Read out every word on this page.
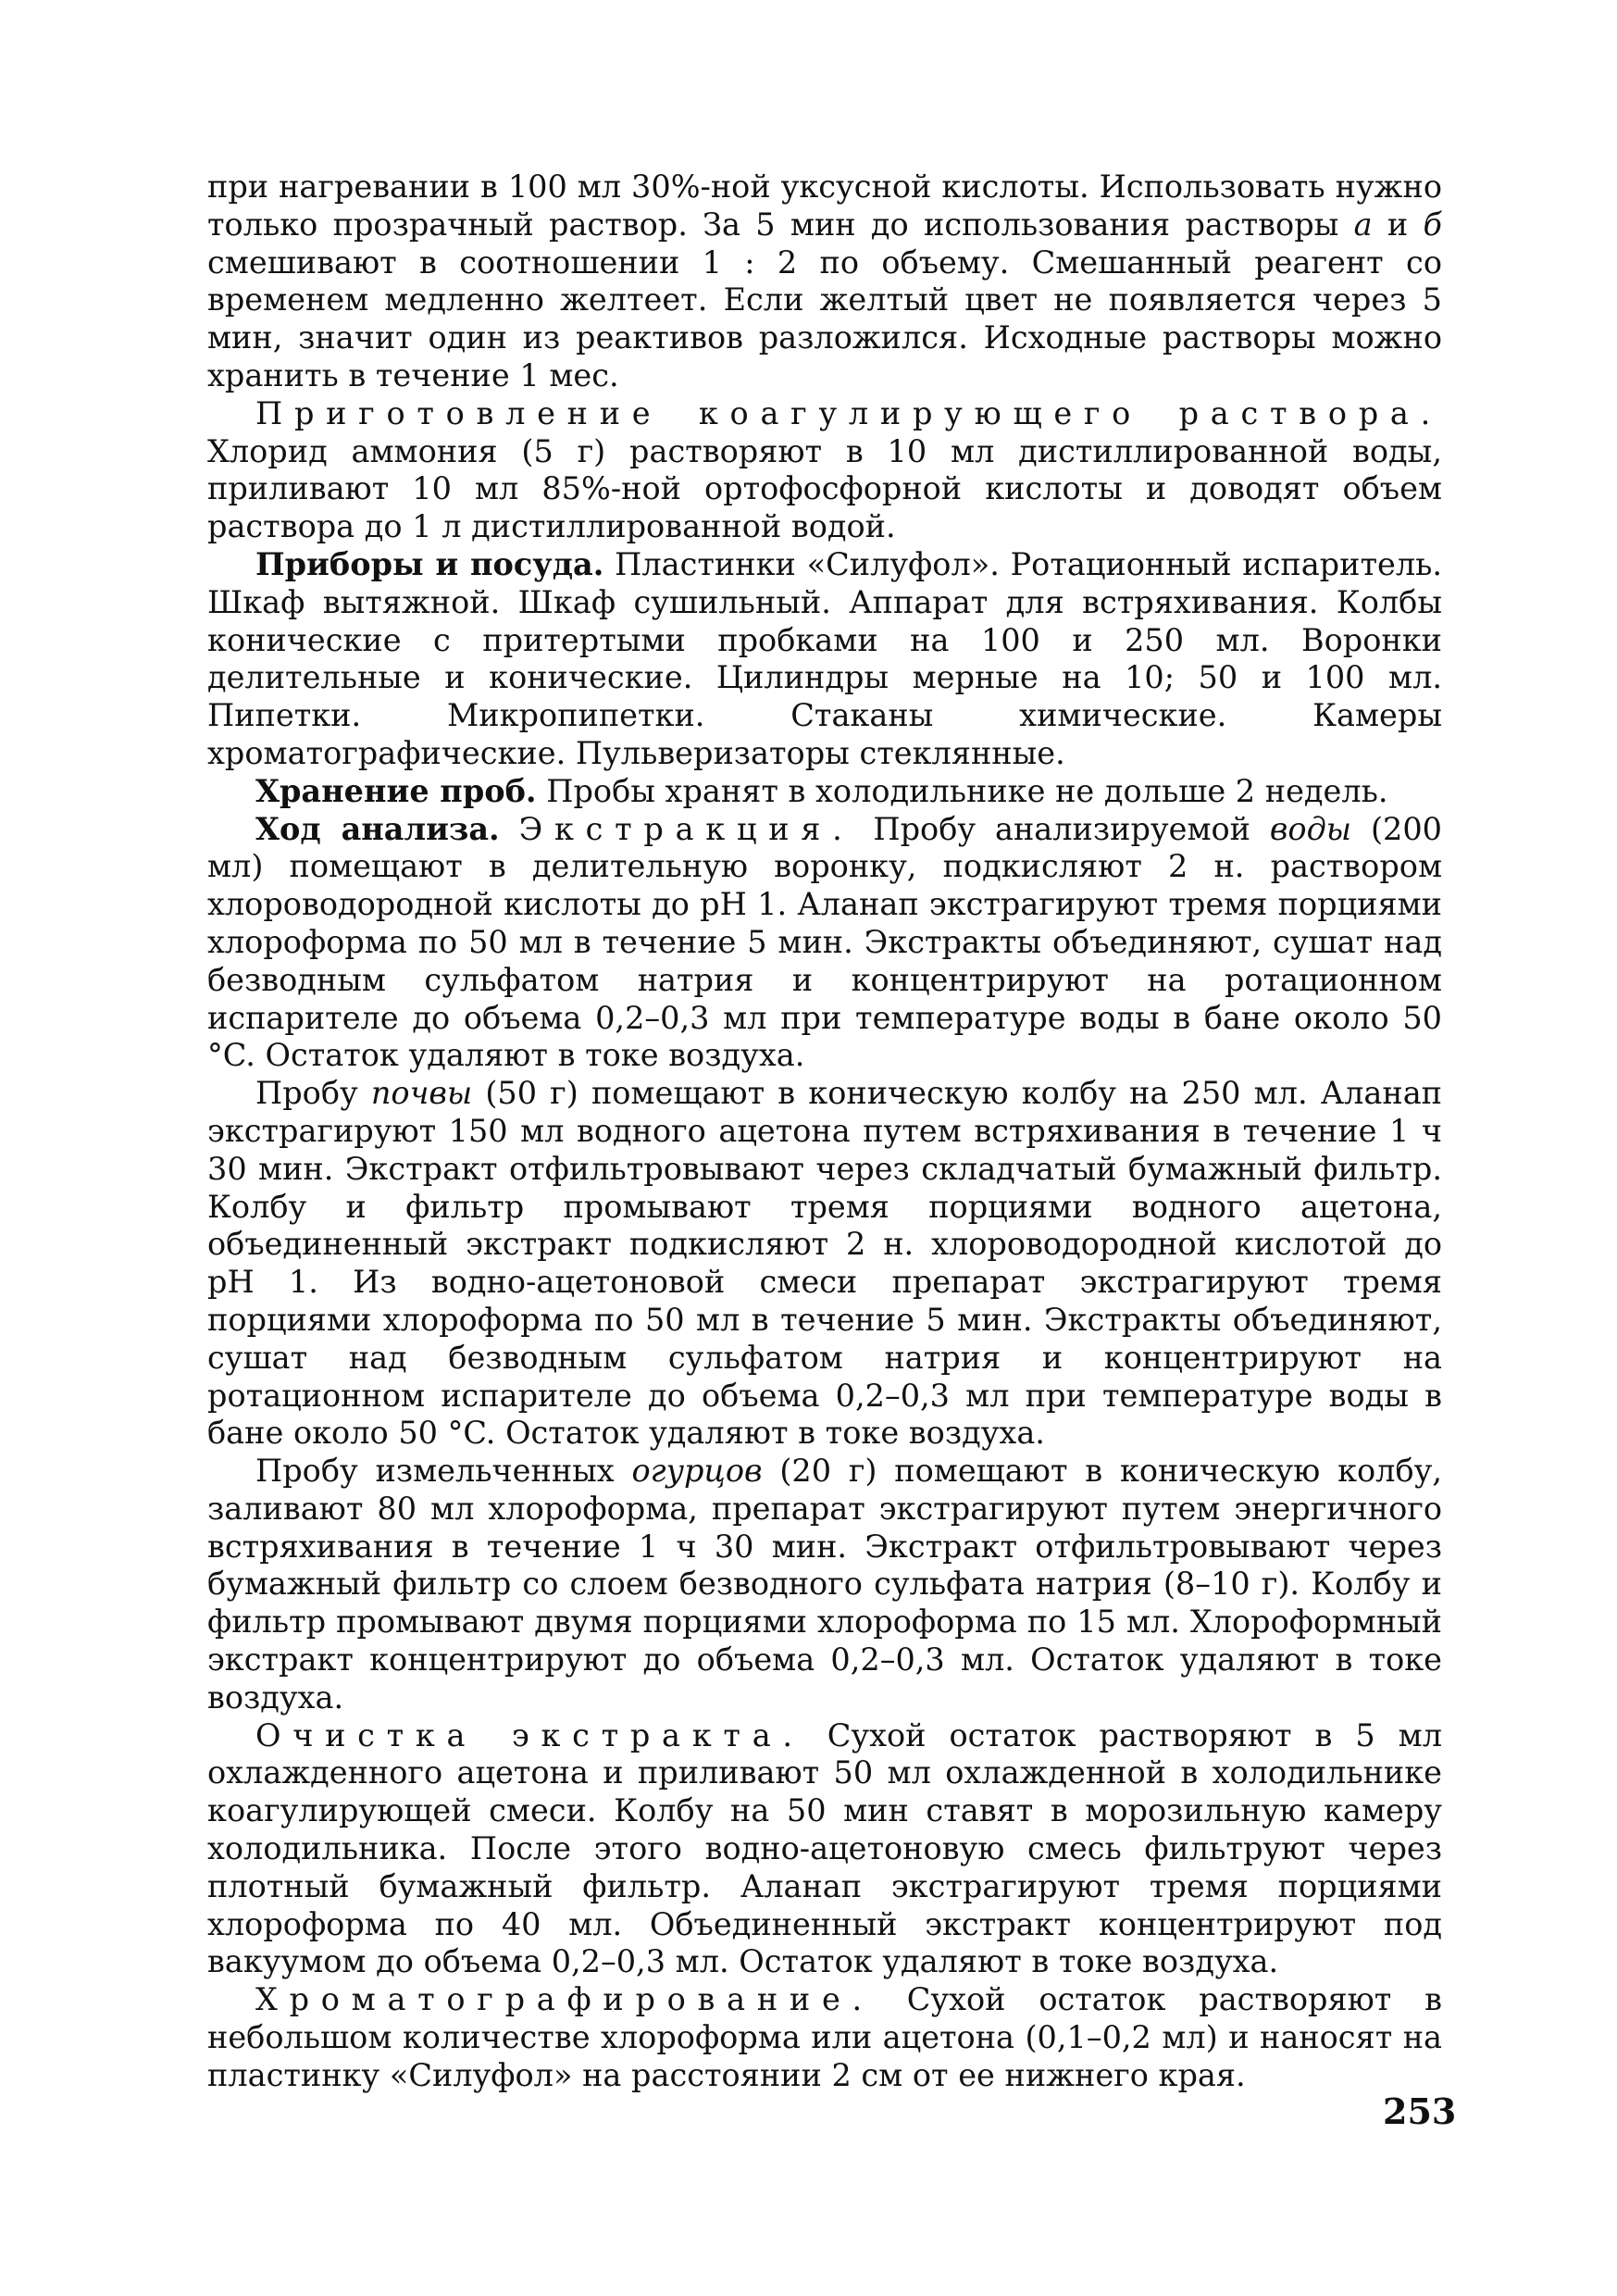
при нагревании в 100 мл 30%-ной уксусной кислоты. Использовать нужно только прозрачный раствор. За 5 мин до использования растворы а и б смешивают в соотношении 1 : 2 по объему. Смешанный реагент со временем медленно желтеет. Если желтый цвет не появляется через 5 мин, значит один из реактивов разложился. Исходные растворы можно хранить в течение 1 мес.

Приготовление коагулирующего раствора. Хлорид аммония (5 г) растворяют в 10 мл дистиллированной воды, приливают 10 мл 85%-ной ортофосфорной кислоты и доводят объем раствора до 1 л дистиллированной водой.

Приборы и посуда. Пластинки «Силуфол». Ротационный испаритель. Шкаф вытяжной. Шкаф сушильный. Аппарат для встряхивания. Колбы конические с притертыми пробками на 100 и 250 мл. Воронки делительные и конические. Цилиндры мерные на 10; 50 и 100 мл. Пипетки. Микропипетки. Стаканы химические. Камеры хроматографические. Пульверизаторы стеклянные.

Хранение проб. Пробы хранят в холодильнике не дольше 2 недель.

Ход анализа. Экстракция. Пробу анализируемой воды (200 мл) помещают в делительную воронку, подкисляют 2 н. раствором хлороводородной кислоты до pH 1. Аланап экстрагируют тремя порциями хлороформа по 50 мл в течение 5 мин. Экстракты объединяют, сушат над безводным сульфатом натрия и концентрируют на ротационном испарителе до объема 0,2–0,3 мл при температуре воды в бане около 50 °C. Остаток удаляют в токе воздуха.

Пробу почвы (50 г) помещают в коническую колбу на 250 мл. Аланап экстрагируют 150 мл водного ацетона путем встряхивания в течение 1 ч 30 мин. Экстракт отфильтровывают через складчатый бумажный фильтр. Колбу и фильтр промывают тремя порциями водного ацетона, объединенный экстракт подкисляют 2 н. хлороводородной кислотой до pH 1. Из водно-ацетоновой смеси препарат экстрагируют тремя порциями хлороформа по 50 мл в течение 5 мин. Экстракты объединяют, сушат над безводным сульфатом натрия и концентрируют на ротационном испарителе до объема 0,2–0,3 мл при температуре воды в бане около 50 °C. Остаток удаляют в токе воздуха.

Пробу измельченных огурцов (20 г) помещают в коническую колбу, заливают 80 мл хлороформа, препарат экстрагируют путем энергичного встряхивания в течение 1 ч 30 мин. Экстракт отфильтровывают через бумажный фильтр со слоем безводного сульфата натрия (8–10 г). Колбу и фильтр промывают двумя порциями хлороформа по 15 мл. Хлороформный экстракт концентрируют до объема 0,2–0,3 мл. Остаток удаляют в токе воздуха.

Очистка экстракта. Сухой остаток растворяют в 5 мл охлажденного ацетона и приливают 50 мл охлажденной в холодильнике коагулирующей смеси. Колбу на 50 мин ставят в морозильную камеру холодильника. После этого водно-ацетоновую смесь фильтруют через плотный бумажный фильтр. Аланап экстрагируют тремя порциями хлороформа по 40 мл. Объединенный экстракт концентрируют под вакуумом до объема 0,2–0,3 мл. Остаток удаляют в токе воздуха.

Хроматографирование. Сухой остаток растворяют в небольшом количестве хлороформа или ацетона (0,1–0,2 мл) и наносят на пластинку «Силуфол» на расстоянии 2 см от ее нижнего края.

253
